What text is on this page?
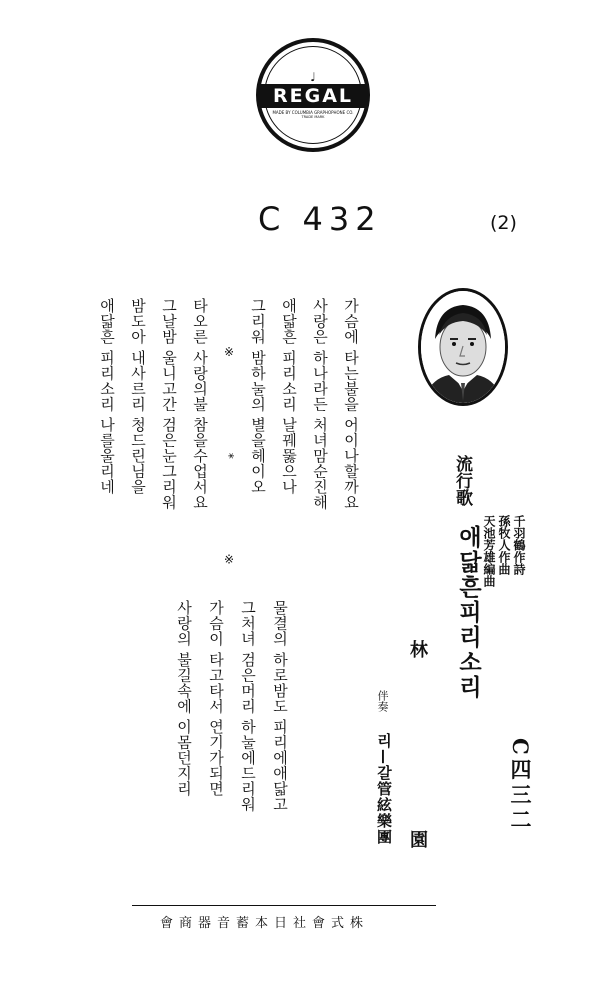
♩
REGAL
MADE BY COLUMBIA GRAPHOPHONE CO.
TRADE MARK
C 432	(2)
가슴에 타는불을 어이나할까요
사랑은 하나라든 처녀맘순진해
애닯흔 피리소리 날꿰뚫으나
그리워 밤하눌의 별을헤이오
※ * ※
타오른 사랑의불 참을수업서요
그날밤 울니고간 검은눈그리워
밤도아 내사르리 청드린님을
애닯흔 피리소리 나를울리네
물결의 하로밤도 피리에애닯고
그처녀 검은머리 하눌에드리워
가슴이 타고타서 연기가되면
사랑의 불길속에 이몸던지리
流行歌
애닯흔피리소리	千羽鶴作詩
孫牧人作曲
天池芳雄編曲
林
園
伴奏
리—갈管絃樂團	C四三二
株式會社日本蓄音器商會
